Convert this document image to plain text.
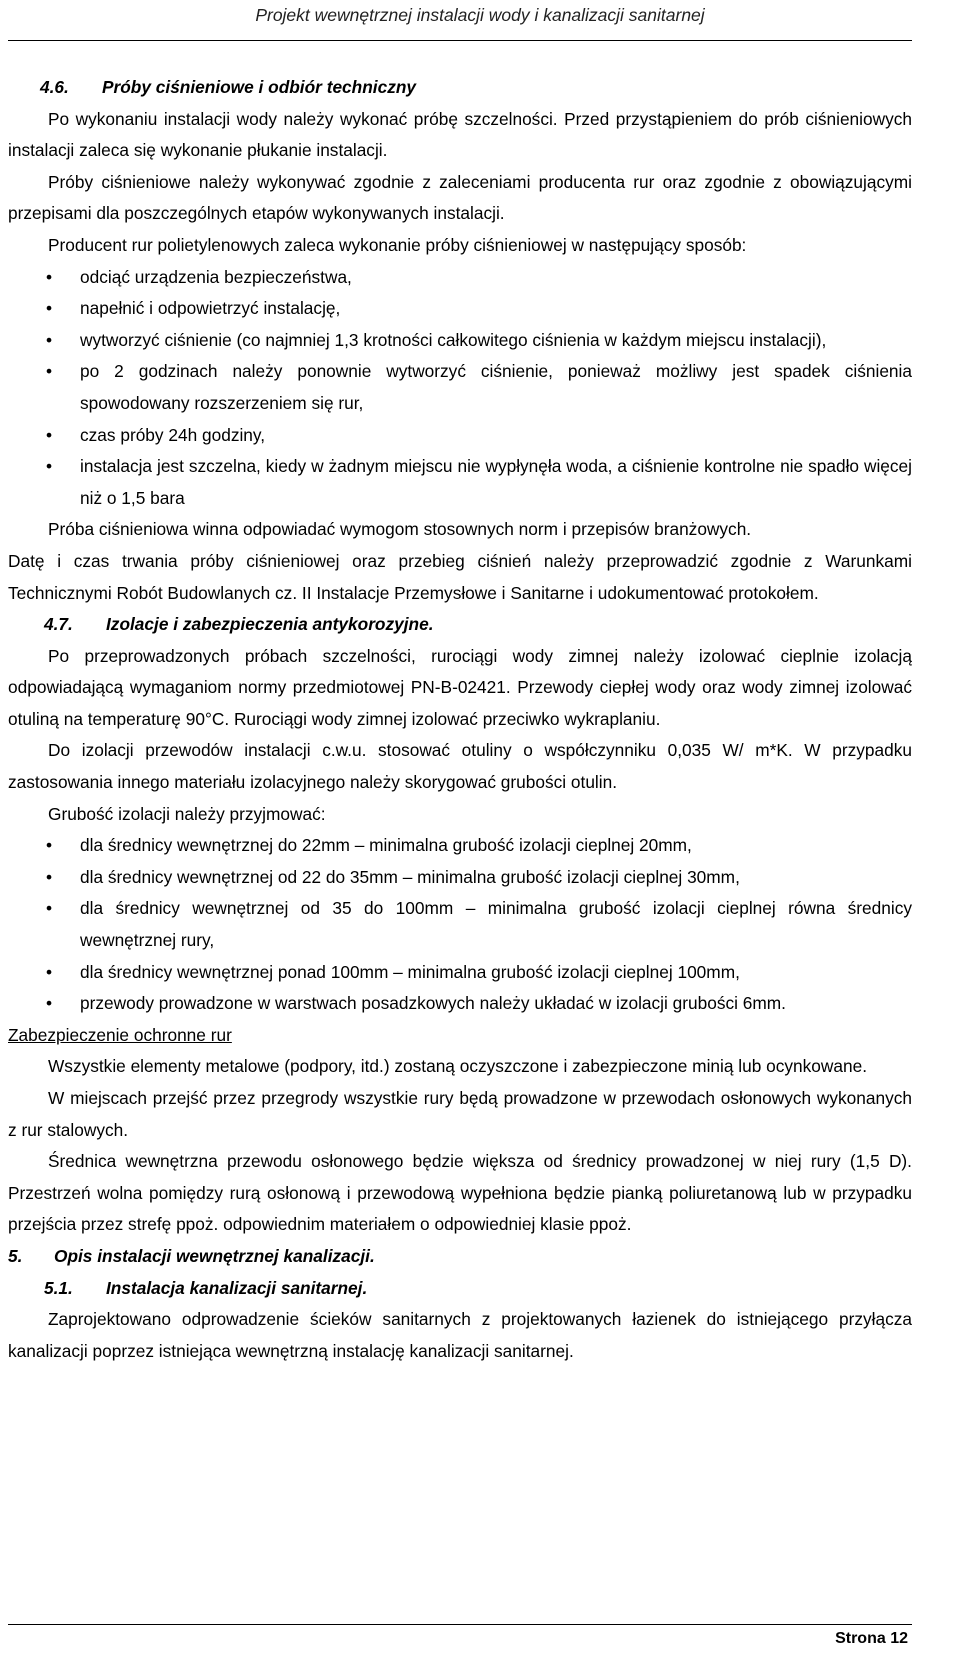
Projekt wewnętrznej instalacji wody i kanalizacji sanitarnej
4.6. Próby ciśnieniowe i odbiór techniczny

Po wykonaniu instalacji wody należy wykonać próbę szczelności. Przed przystąpieniem do prób ciśnieniowych instalacji zaleca się wykonanie płukanie instalacji.

Próby ciśnieniowe należy wykonywać zgodnie z zaleceniami producenta rur oraz zgodnie z obowiązującymi przepisami dla poszczególnych etapów wykonywanych instalacji.

Producent rur polietylenowych zaleca wykonanie próby ciśnieniowej w następujący sposób:

• odciąć urządzenia bezpieczeństwa,
• napełnić i odpowietrzyć instalację,
• wytworzyć ciśnienie (co najmniej 1,3 krotności całkowitego ciśnienia w każdym miejscu instalacji),
• po 2 godzinach należy ponownie wytworzyć ciśnienie, ponieważ możliwy jest spadek ciśnienia spowodowany rozszerzeniem się rur,
• czas próby 24h godziny,
• instalacja jest szczelna, kiedy w żadnym miejscu nie wypłynęła woda, a ciśnienie kontrolne nie spadło więcej niż o 1,5 bara

Próba ciśnieniowa winna odpowiadać wymogom stosownych norm i przepisów branżowych.

Datę i czas trwania próby ciśnieniowej oraz przebieg ciśnień należy przeprowadzić zgodnie z Warunkami Technicznymi Robót Budowlanych cz. II Instalacje Przemysłowe i Sanitarne i udokumentować protokołem.

4.7. Izolacje i zabezpieczenia antykorozyjne.

Po przeprowadzonych próbach szczelności, rurociągi wody zimnej należy izolować cieplnie izolacją odpowiadającą wymaganiom normy przedmiotowej PN-B-02421. Przewody ciepłej wody oraz wody zimnej izolować otuliną na temperaturę 90°C. Rurociągi wody zimnej izolować przeciwko wykraplaniu.

Do izolacji przewodów instalacji c.w.u. stosować otuliny o współczynniku 0,035 W/ m*K. W przypadku zastosowania innego materiału izolacyjnego należy skorygować grubości otulin.

Grubość izolacji należy przyjmować:

• dla średnicy wewnętrznej do 22mm – minimalna grubość izolacji cieplnej 20mm,
• dla średnicy wewnętrznej od 22 do 35mm – minimalna grubość izolacji cieplnej 30mm,
• dla średnicy wewnętrznej od 35 do 100mm – minimalna grubość izolacji cieplnej równa średnicy wewnętrznej rury,
• dla średnicy wewnętrznej ponad 100mm – minimalna grubość izolacji cieplnej 100mm,
• przewody prowadzone w warstwach posadzkowych należy układać w izolacji grubości 6mm.

Zabezpieczenie ochronne rur

Wszystkie elementy metalowe (podpory, itd.) zostaną oczyszczone i zabezpieczone minią lub ocynkowane.

W miejscach przejść przez przegrody wszystkie rury będą prowadzone w przewodach osłonowych wykonanych z rur stalowych.

Średnica wewnętrzna przewodu osłonowego będzie większa od średnicy prowadzonej w niej rury (1,5 D). Przestrzeń wolna pomiędzy rurą osłonową i przewodową wypełniona będzie pianką poliuretanową lub w przypadku przejścia przez strefę ppoż. odpowiednim materiałem o odpowiedniej klasie ppoż.

5. Opis instalacji wewnętrznej kanalizacji.
5.1. Instalacja kanalizacji sanitarnej.

Zaprojektowano odprowadzenie ścieków sanitarnych z projektowanych łazienek do istniejącego przyłącza kanalizacji poprzez istniejąca wewnętrzną instalację kanalizacji sanitarnej.

Strona 12
